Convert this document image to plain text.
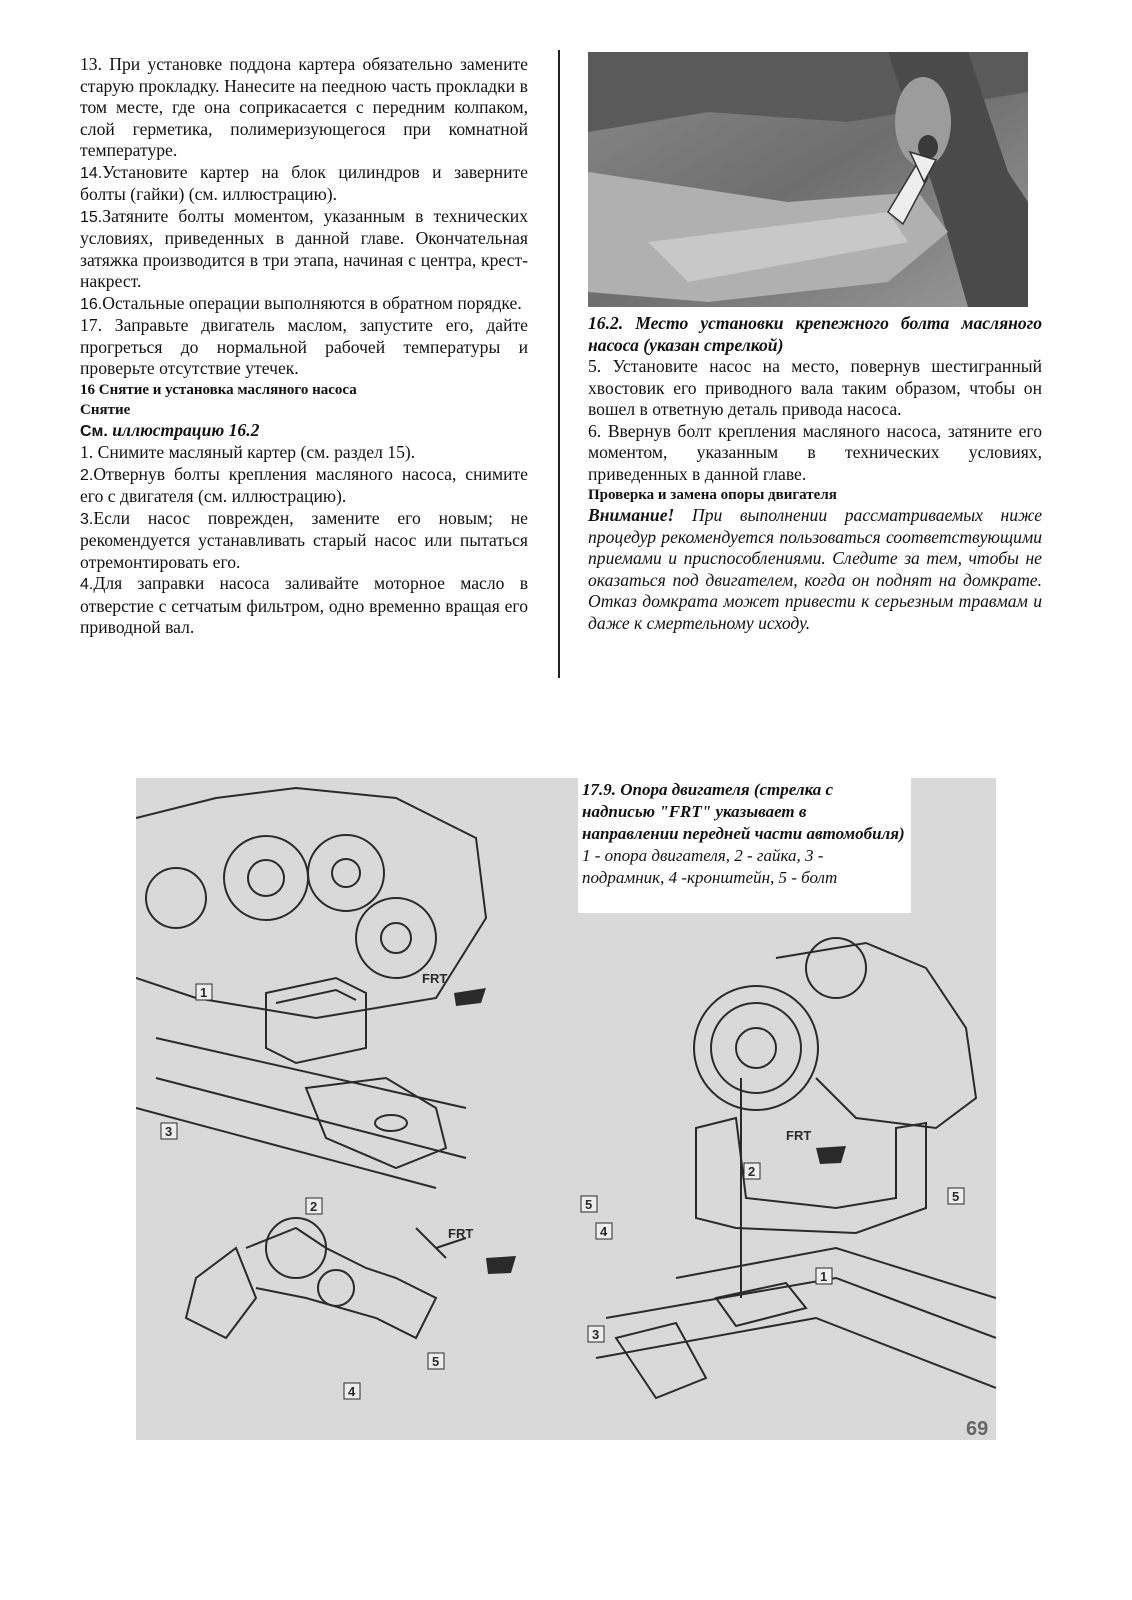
13. При установке поддона картера обязательно замените старую прокладку. Нанесите на пеедною часть прокладки в том месте, где она соприкасается с передним колпаком, слой герметика, полимеризующегося при комнатной температуре.

14.Установите картер на блок цилиндров и заверните болты (гайки) (см. иллюстрацию).

15.Затяните болты моментом, указанным в технических условиях, приведенных в данной главе. Окончательная затяжка производится в три этапа, начиная с центра, крест-накрест.

16.Остальные операции выполняются в обратном порядке.

17. Заправьте двигатель маслом, запустите его, дайте прогреться до нормальной рабочей температуры и проверьте отсутствие утечек.

16 Снятие и установка масляного насоса

Снятие

См. иллюстрацию 16.2

1. Снимите масляный картер (см. раздел 15).

2.Отвернув болты крепления масляного насоса, снимите его с двигателя (см. иллюстрацию).

3.Если насос поврежден, замените его новым; не рекомендуется устанавливать старый насос или пытаться отремонтировать его.

4.Для заправки насоса заливайте моторное масло в отверстие с сетчатым фильтром, одно временно вращая его приводной вал.

16.2. Место установки крепежного болта масляного насоса (указан стрелкой)

5. Установите насос на место, повернув шестигранный хвостовик его приводного вала таким образом, чтобы он вошел в ответную деталь привода насоса.

6. Ввернув болт крепления масляного насоса, затяните его моментом, указанным в технических условиях, приведенных в данной главе.

Проверка и замена опоры двигателя

Внимание! При выполнении рассматриваемых ниже процедур рекомендуется пользоваться соответствующими приемами и приспособлениями. Следите за тем, чтобы не оказаться под двигателем, когда он поднят на домкрате. Отказ домкрата может привести к серьезным травмам и даже к смертельному исходу.

FRT
FRT
FRT
1
3
2
5
4
2
5
5
4
1
3

17.9. Опора двигателя (стрелка с надписью "FRT" указывает в направлении передней части автомобиля)

1 - опора двигателя, 2 - гайка, 3 - подрамник, 4 -кронштейн, 5 - болт

69
